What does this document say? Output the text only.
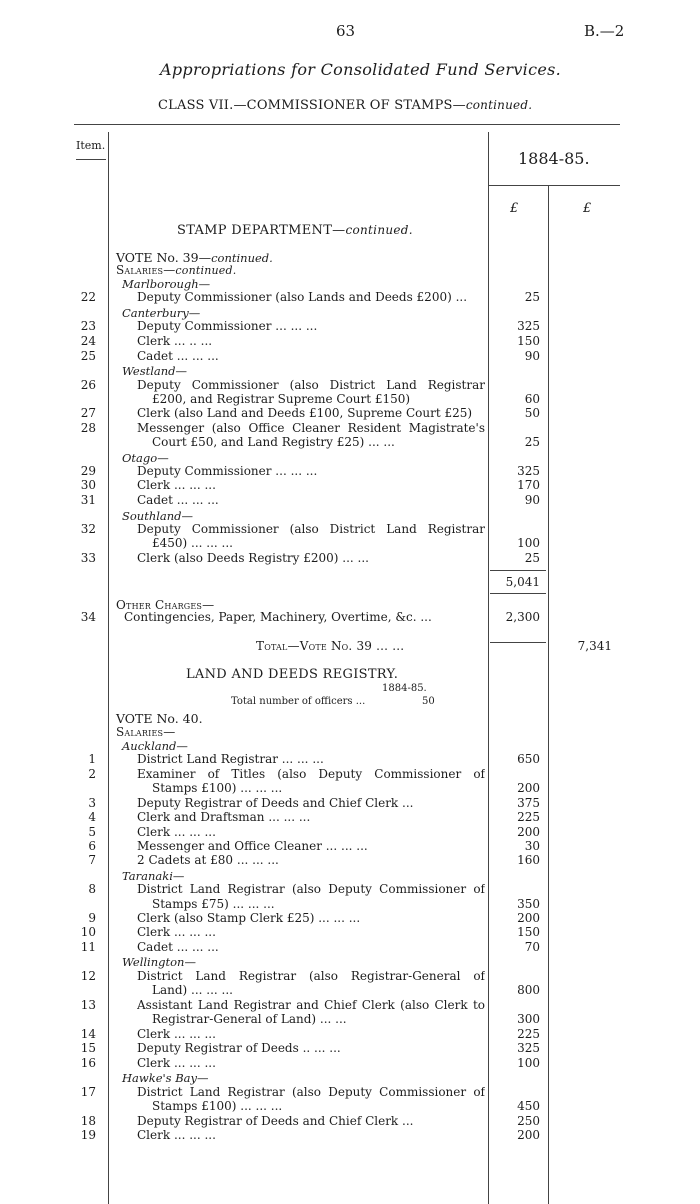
63	B.—2
Appropriations for Consolidated Fund Services.
CLASS VII.—COMMISSIONER OF STAMPS—continued.
Item.
1884-85.
£	£
STAMP DEPARTMENT—continued.
VOTE No. 39—continued.
Salaries—continued.
Marlborough—
22	Deputy Commissioner (also Lands and Deeds £200) ...	25
Canterbury—
23	Deputy Commissioner ... ... ...	325
24	Clerk ... .. ...	150
25	Cadet ... ... ...	90
Westland—
26	Deputy Commissioner (also District Land Registrar
£200, and Registrar Supreme Court £150)	60
27	Clerk (also Land and Deeds £100, Supreme Court £25)	50
28	Messenger (also Office Cleaner Resident Magistrate's
Court £50, and Land Registry £25) ... ...	25
Otago—
29	Deputy Commissioner ... ... ...	325
30	Clerk ... ... ...	170
31	Cadet ... ... ...	90
Southland—
32	Deputy Commissioner (also District Land Registrar
£450) ... ... ...	100
33	Clerk (also Deeds Registry £200) ... ...	25
5,041
Other Charges—
34 Contingencies, Paper, Machinery, Overtime, &c. ...	2,300
Total—Vote No. 39 ... ...	7,341
LAND AND DEEDS REGISTRY.
1884-85.
Total number of officers ...	50
VOTE No. 40.
Salaries—
Auckland—
1	District Land Registrar ... ... ...	650
2	Examiner of Titles (also Deputy Commissioner of
Stamps £100) ... ... ...	200
3	Deputy Registrar of Deeds and Chief Clerk ...	375
4	Clerk and Draftsman ... ... ...	225
5	Clerk ... ... ...	200
6	Messenger and Office Cleaner ... ... ...	30
7	2 Cadets at £80 ... ... ...	160
Taranaki—
8	District Land Registrar (also Deputy Commissioner of
Stamps £75) ... ... ...	350
9	Clerk (also Stamp Clerk £25) ... ... ...	200
10	Clerk ... ... ...	150
11	Cadet ... ... ...	70
Wellington—
12	District Land Registrar (also Registrar-General of
Land) ... ... ...	800
13	Assistant Land Registrar and Chief Clerk (also Clerk to
Registrar-General of Land) ... ...	300
14	Clerk ... ... ...	225
15	Deputy Registrar of Deeds .. ... ...	325
16	Clerk ... ... ...	100
Hawke's Bay—
17	District Land Registrar (also Deputy Commissioner of
Stamps £100) ... ... ...	450
18	Deputy Registrar of Deeds and Chief Clerk ...	250
19	Clerk ... ... ...	200
